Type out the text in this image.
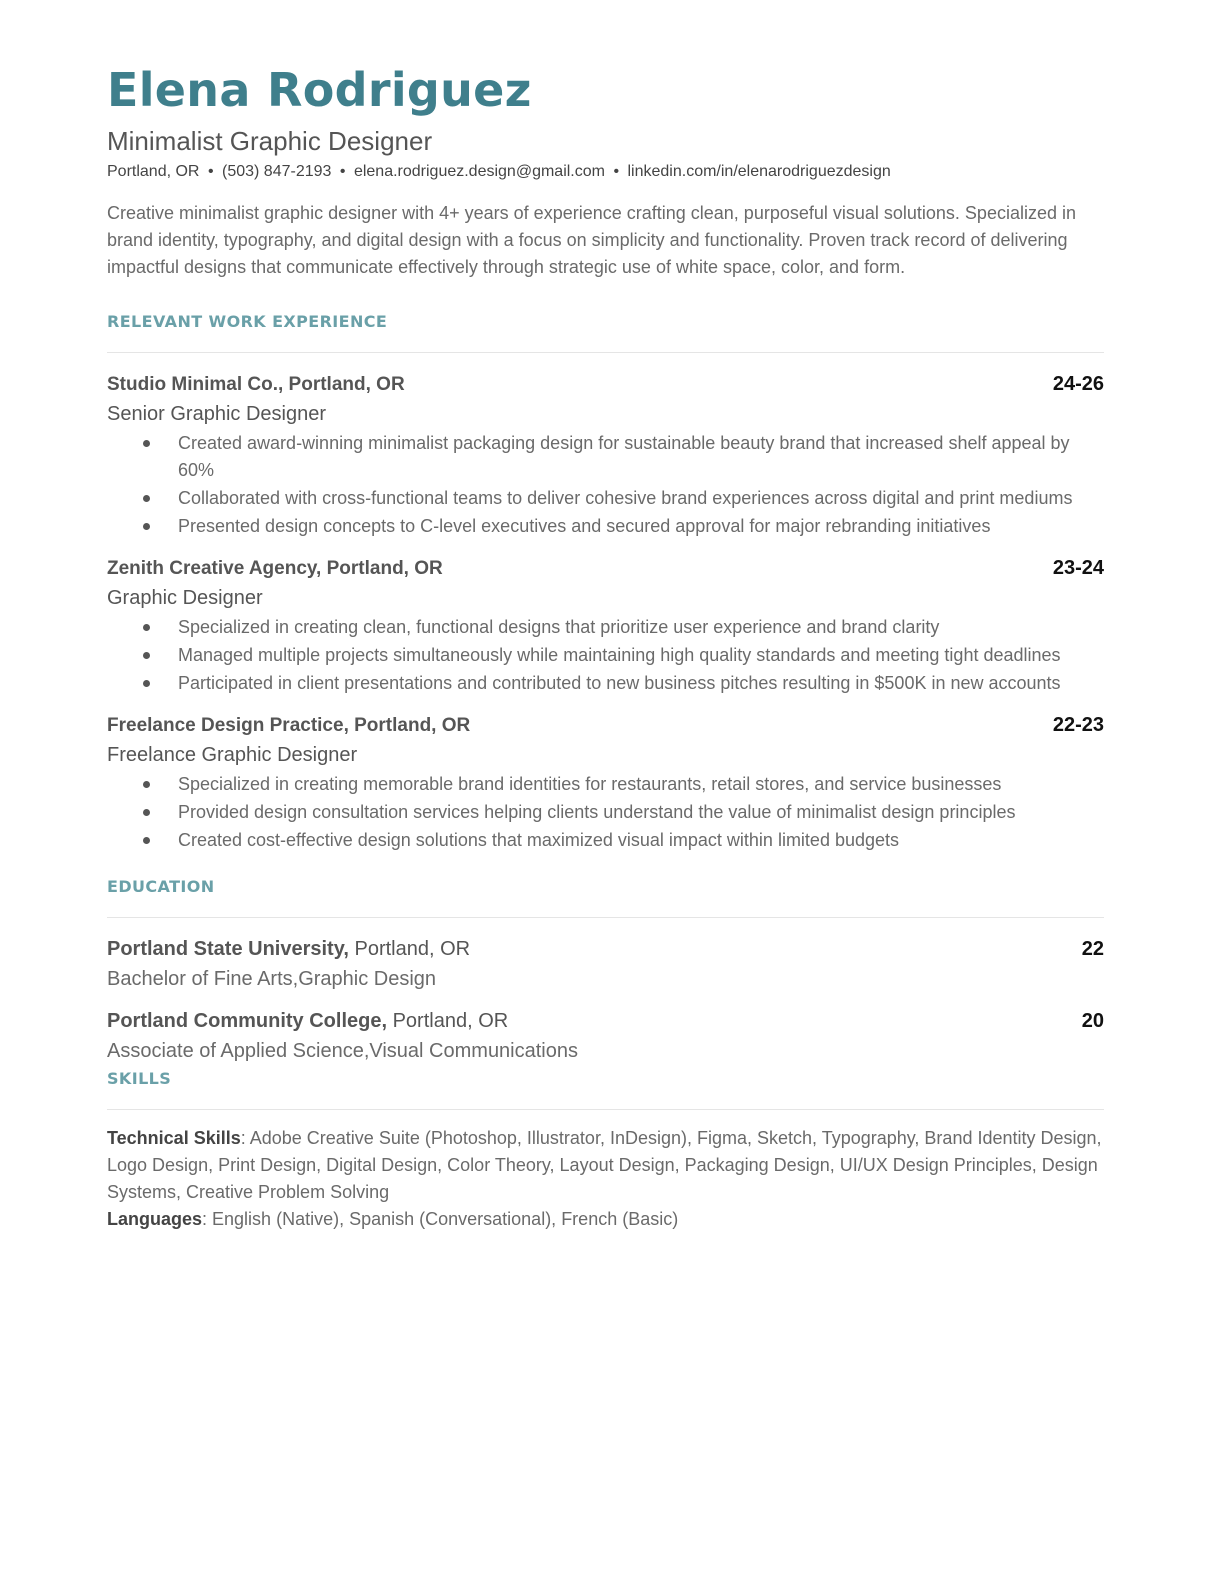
Elena Rodriguez
Minimalist Graphic Designer
Portland, OR • (503) 847-2193 • elena.rodriguez.design@gmail.com • linkedin.com/in/elenarodriguezdesign
Creative minimalist graphic designer with 4+ years of experience crafting clean, purposeful visual solutions. Specialized in brand identity, typography, and digital design with a focus on simplicity and functionality. Proven track record of delivering impactful designs that communicate effectively through strategic use of white space, color, and form.
RELEVANT WORK EXPERIENCE
Studio Minimal Co., Portland, OR	24-26
Senior Graphic Designer
Created award-winning minimalist packaging design for sustainable beauty brand that increased shelf appeal by 60%
Collaborated with cross-functional teams to deliver cohesive brand experiences across digital and print mediums
Presented design concepts to C-level executives and secured approval for major rebranding initiatives
Zenith Creative Agency, Portland, OR	23-24
Graphic Designer
Specialized in creating clean, functional designs that prioritize user experience and brand clarity
Managed multiple projects simultaneously while maintaining high quality standards and meeting tight deadlines
Participated in client presentations and contributed to new business pitches resulting in $500K in new accounts
Freelance Design Practice, Portland, OR	22-23
Freelance Graphic Designer
Specialized in creating memorable brand identities for restaurants, retail stores, and service businesses
Provided design consultation services helping clients understand the value of minimalist design principles
Created cost-effective design solutions that maximized visual impact within limited budgets
EDUCATION
Portland State University, Portland, OR	22
Bachelor of Fine Arts,Graphic Design
Portland Community College, Portland, OR	20
Associate of Applied Science,Visual Communications
SKILLS
Technical Skills: Adobe Creative Suite (Photoshop, Illustrator, InDesign), Figma, Sketch, Typography, Brand Identity Design, Logo Design, Print Design, Digital Design, Color Theory, Layout Design, Packaging Design, UI/UX Design Principles, Design Systems, Creative Problem Solving
Languages: English (Native), Spanish (Conversational), French (Basic)
